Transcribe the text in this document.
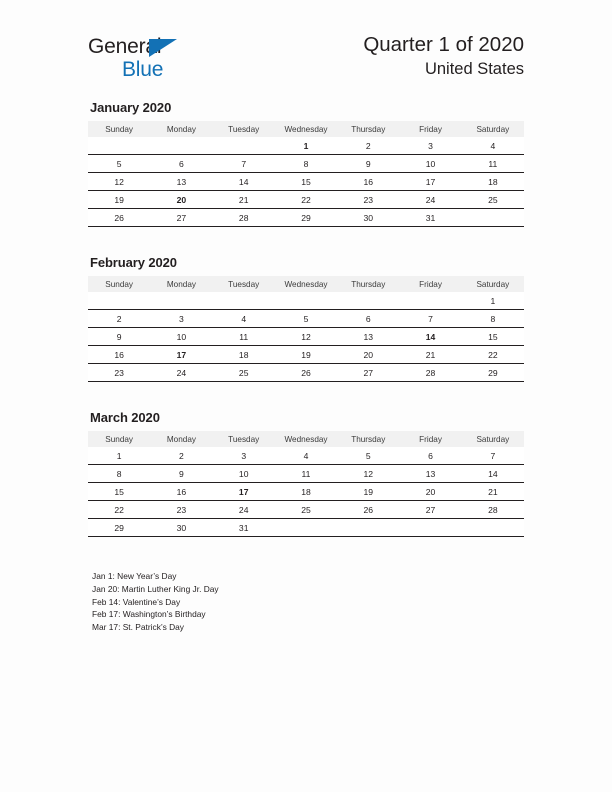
General
Blue
Quarter 1 of 2020
United States
January 2020
Sunday	Monday	Tuesday	Wednesday	Thursday	Friday	Saturday
			1	2	3	4
5	6	7	8	9	10	11
12	13	14	15	16	17	18
19	20	21	22	23	24	25
26	27	28	29	30	31	
February 2020
Sunday	Monday	Tuesday	Wednesday	Thursday	Friday	Saturday
						1
2	3	4	5	6	7	8
9	10	11	12	13	14	15
16	17	18	19	20	21	22
23	24	25	26	27	28	29
March 2020
Sunday	Monday	Tuesday	Wednesday	Thursday	Friday	Saturday
1	2	3	4	5	6	7
8	9	10	11	12	13	14
15	16	17	18	19	20	21
22	23	24	25	26	27	28
29	30	31				
Jan 1: New Year’s Day
Jan 20: Martin Luther King Jr. Day
Feb 14: Valentine’s Day
Feb 17: Washington’s Birthday
Mar 17: St. Patrick’s Day
